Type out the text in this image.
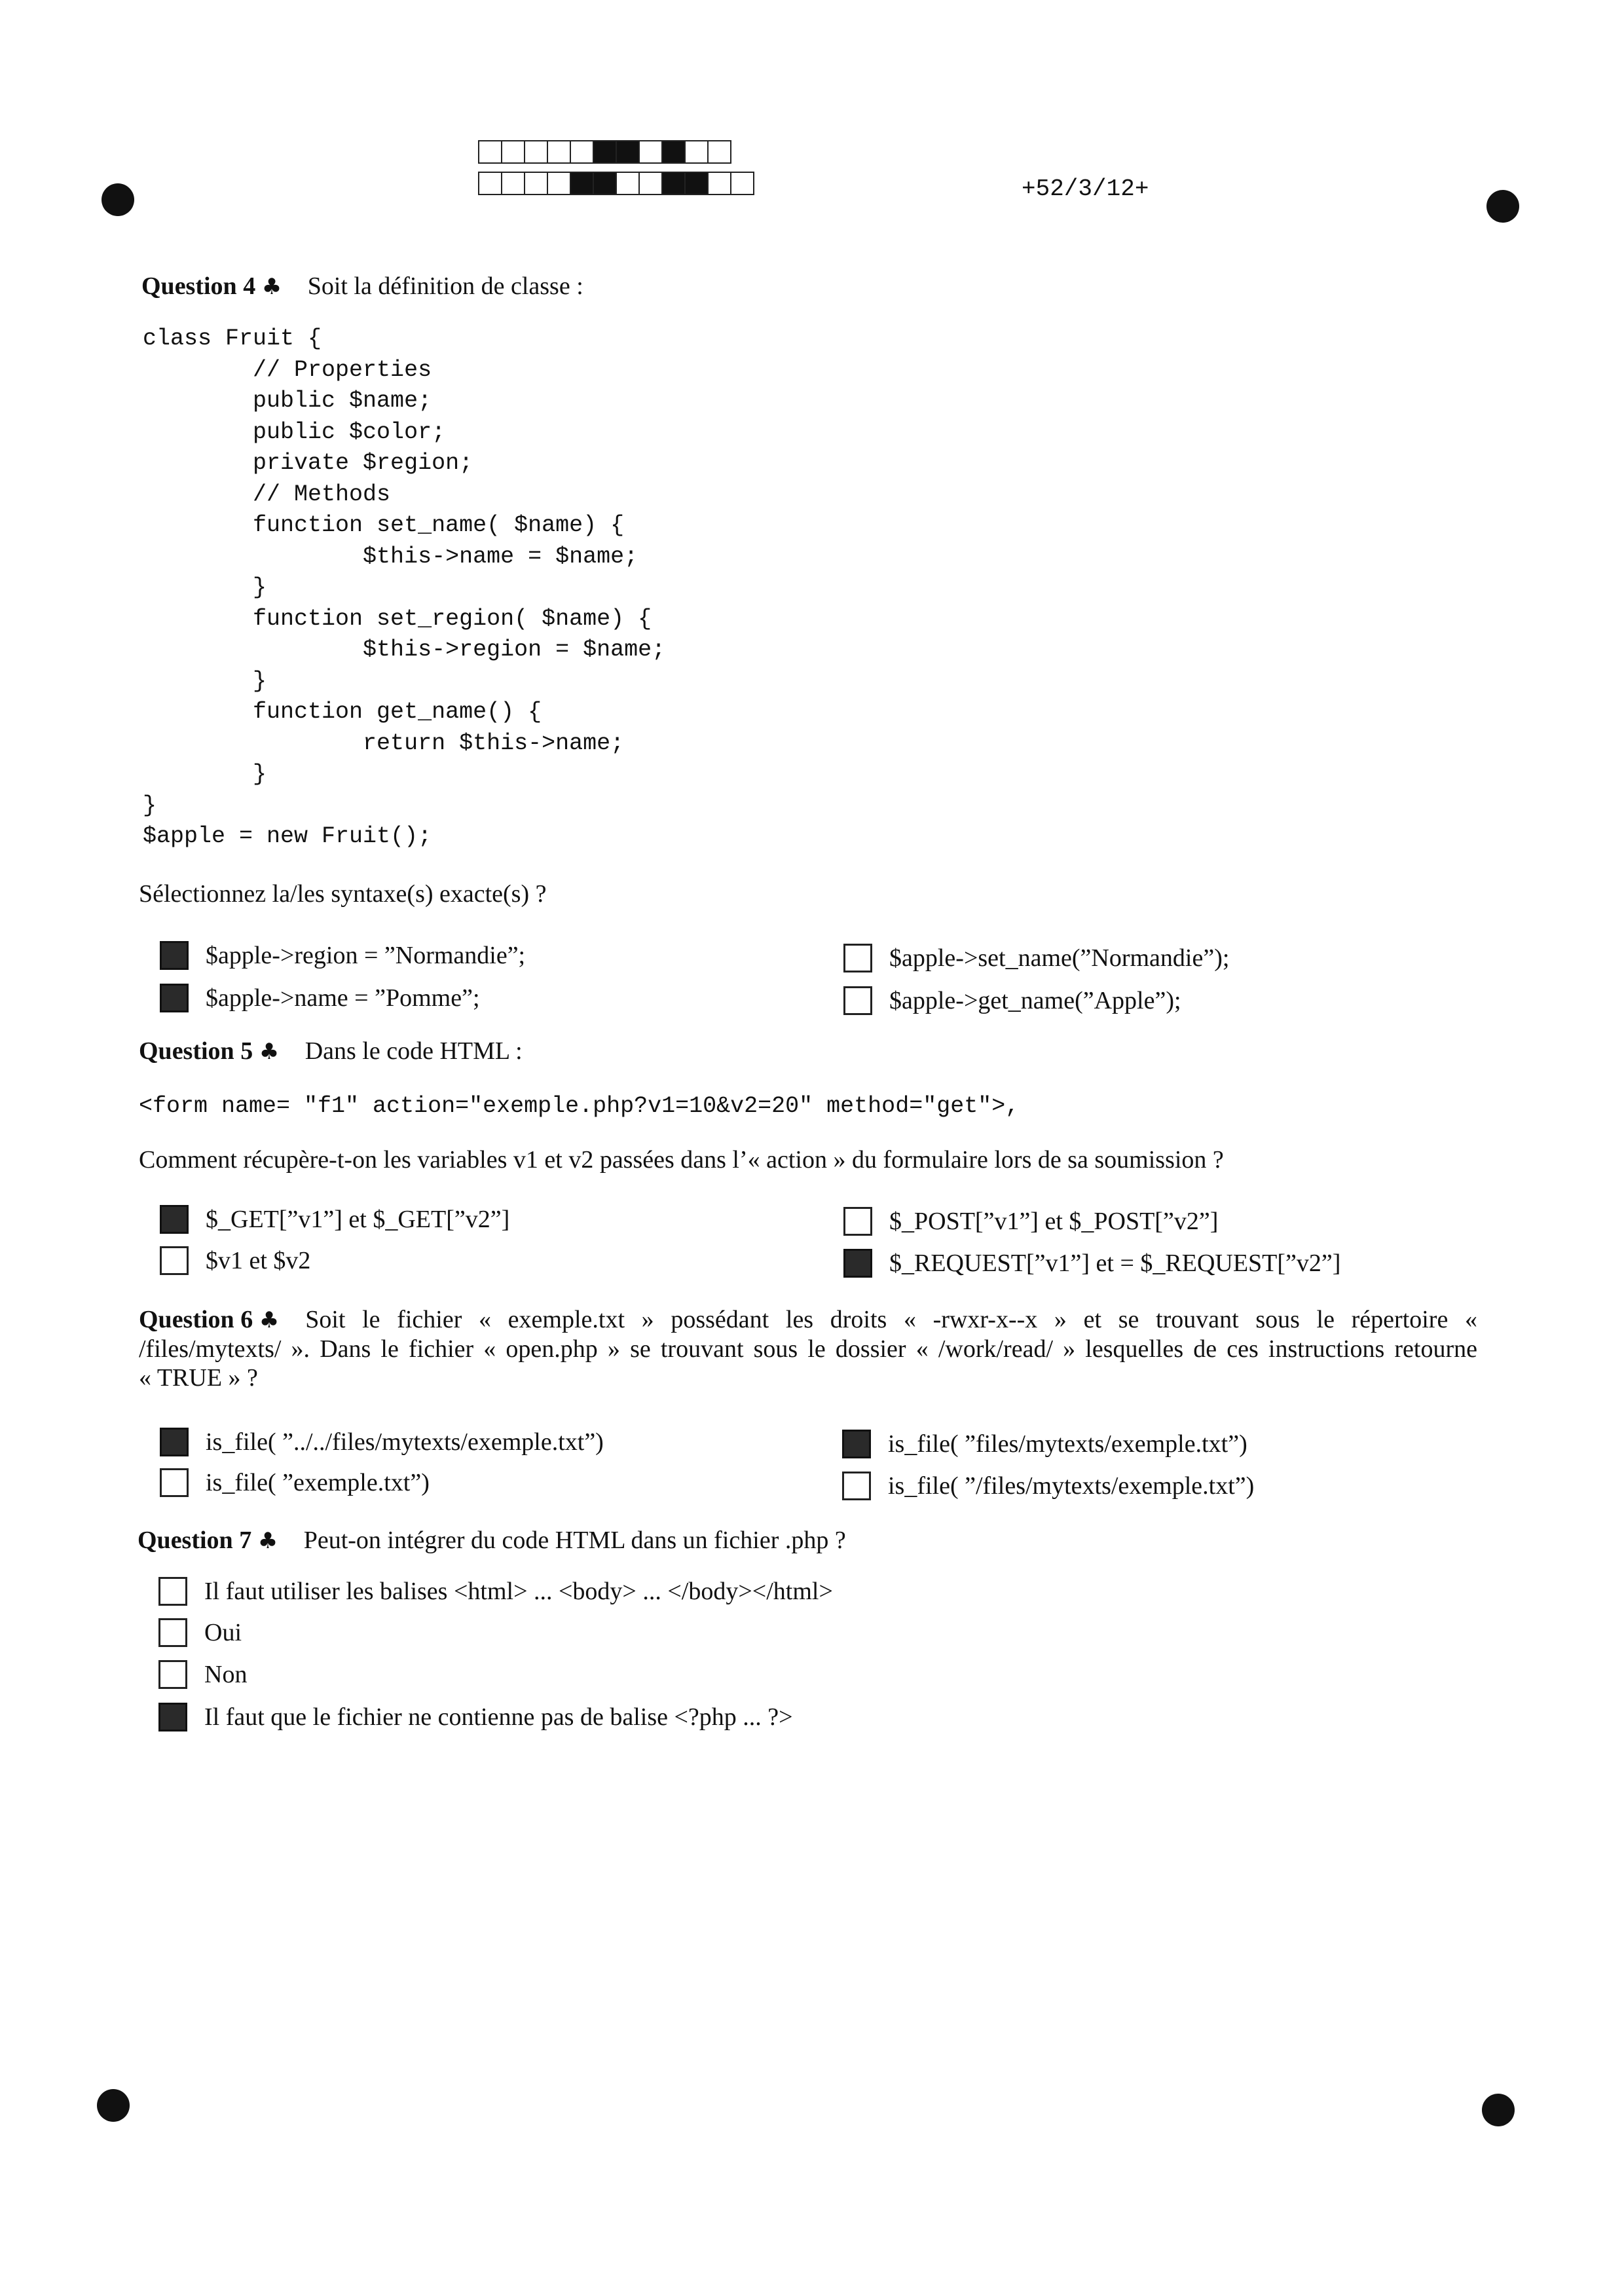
+52/3/12+
Question 4 ♣ Soit la définition de classe :
class Fruit {
// Properties
public $name;
public $color;
private $region;
// Methods
function set_name( $name) {
$this->name = $name;
}
function set_region( $name) {
$this->region = $name;
}
function get_name() {
return $this->name;
}
}
$apple = new Fruit();
Sélectionnez la/les syntaxe(s) exacte(s) ?
$apple->region = ”Normandie”;
$apple->name = ”Pomme”;
$apple->set_name(”Normandie”);
$apple->get_name(”Apple”);
Question 5 ♣ Dans le code HTML :
<form name= "f1" action="exemple.php?v1=10&v2=20" method="get">,
Comment récupère-t-on les variables v1 et v2 passées dans l’« action » du formulaire lors de sa soumission ?
$_GET[”v1”] et $_GET[”v2”]
$v1 et $v2
$_POST[”v1”] et $_POST[”v2”]
$_REQUEST[”v1”] et = $_REQUEST[”v2”]
Question 6 ♣ Soit le fichier « exemple.txt » possédant les droits « -rwxr-x--x » et se trouvant sous le répertoire «
/files/mytexts/ ». Dans le fichier « open.php » se trouvant sous le dossier « /work/read/ » lesquelles de ces instructions retourne
« TRUE » ?
is_file( ”../../files/mytexts/exemple.txt”)
is_file( ”exemple.txt”)
is_file( ”files/mytexts/exemple.txt”)
is_file( ”/files/mytexts/exemple.txt”)
Question 7 ♣ Peut-on intégrer du code HTML dans un fichier .php ?
Il faut utiliser les balises <html> ... <body> ... </body></html>
Oui
Non
Il faut que le fichier ne contienne pas de balise <?php ... ?>
